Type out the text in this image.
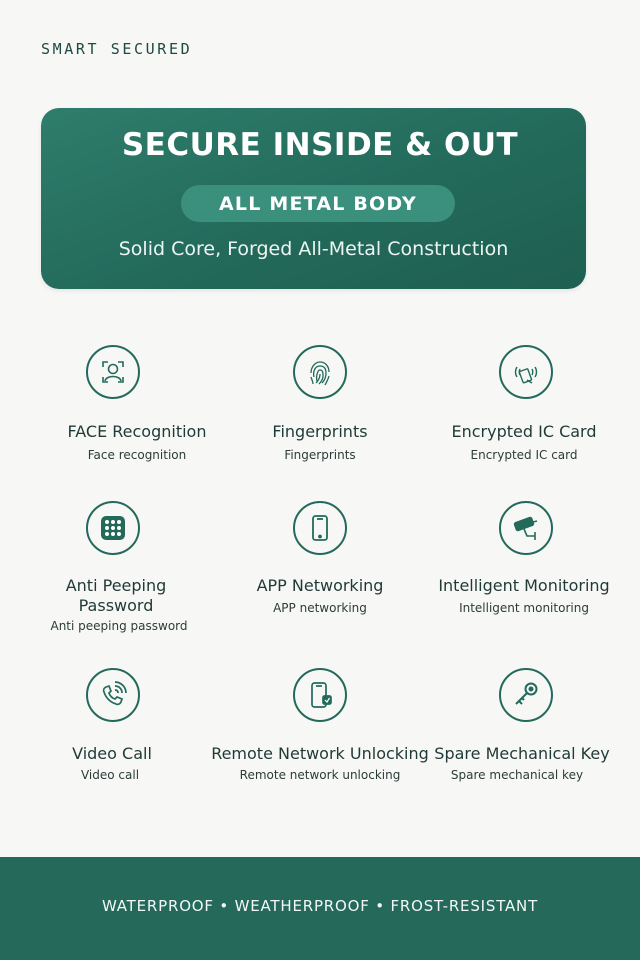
SMART SECURED
SECURE INSIDE & OUT
ALL METAL BODY
Solid Core, Forged All-Metal Construction
FACE Recognition
Face recognition
Fingerprints
Fingerprints
Encrypted IC Card
Encrypted IC card
Anti Peeping
Password
Anti peeping password
APP Networking
APP networking
Intelligent Monitoring
Intelligent monitoring
Video Call
Video call
Remote Network Unlocking
Remote network unlocking
Spare Mechanical Key
Spare mechanical key
WATERPROOF • WEATHERPROOF • FROST-RESISTANT
